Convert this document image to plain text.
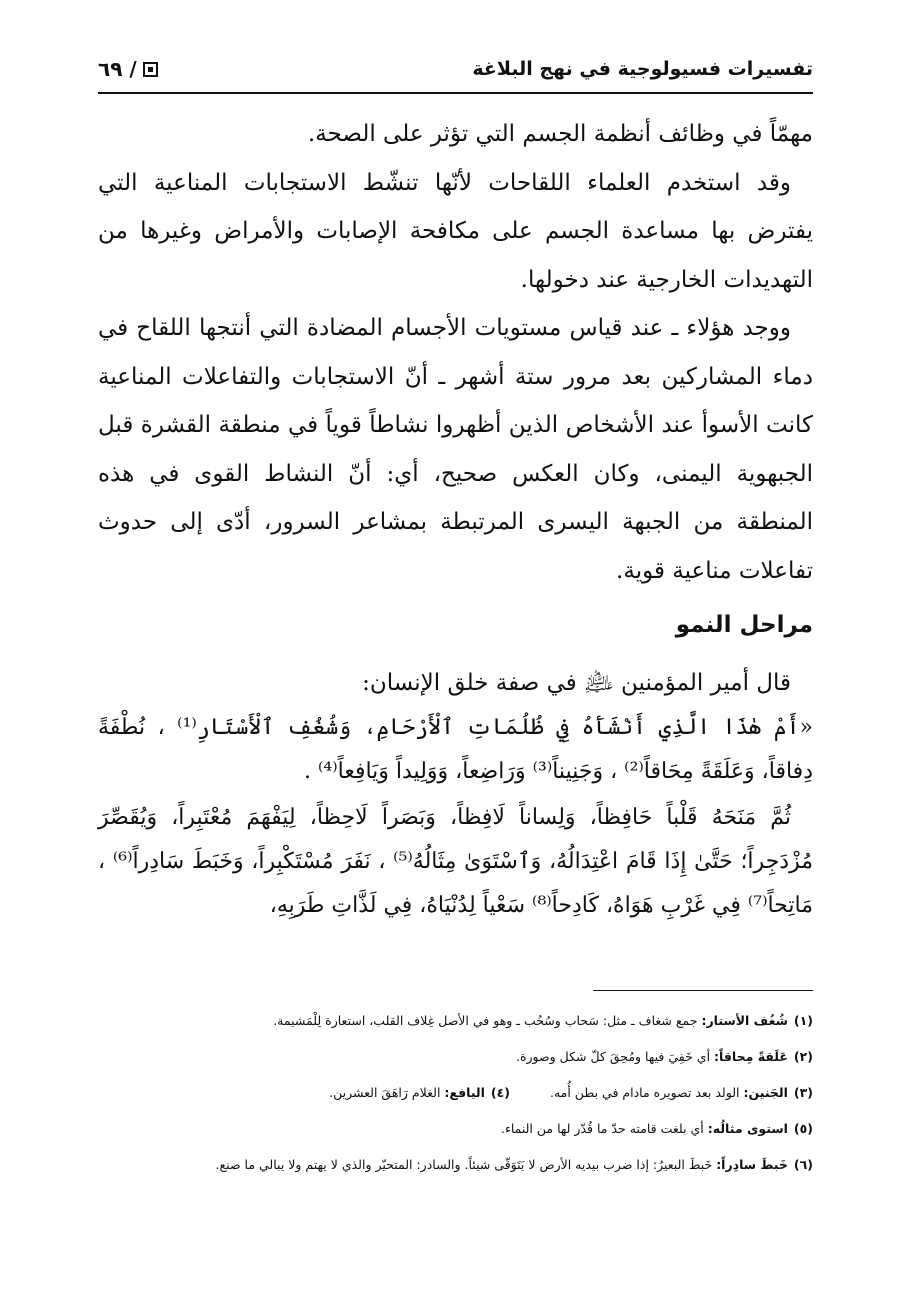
تفسيرات فسيولوجية في نهج البلاغة
٦٩ /

مهمّاً في وظائف أنظمة الجسم التي تؤثر على الصحة.

وقد استخدم العلماء اللقاحات لأنّها تنشّط الاستجابات المناعية التي يفترض بها مساعدة الجسم على مكافحة الإصابات والأمراض وغيرها من التهديدات الخارجية عند دخولها.

ووجد هؤلاء ـ عند قياس مستويات الأجسام المضادة التي أنتجها اللقاح في دماء المشاركين بعد مرور ستة أشهر ـ أنّ الاستجابات والتفاعلات المناعية كانت الأسوأ عند الأشخاص الذين أظهروا نشاطاً قوياً في منطقة القشرة قبل الجبهوية اليمنى، وكان العكس صحيح، أي: أنّ النشاط القوى في هذه المنطقة من الجبهة اليسرى المرتبطة بمشاعر السرور، أدّى إلى حدوث تفاعلات مناعية قوية.

مراحل النمو

قال أمير المؤمنين ﵇ في صفة خلق الإنسان:

«أَمْ هٰذَا الَّذِي أَنْشَأَهُ فِي ظُلُمَاتِ ٱلْأَرْحَامِ، وَشُغُفِ ٱلْأَسْتَارِ⁽¹⁾ ، نُطْفَةً دِفاقاً، وَعَلَقَةً مِحَاقاً⁽²⁾ ، وَجَنِيناً⁽³⁾ وَرَاضِعاً، وَوَلِيداً وَيَافِعاً⁽⁴⁾ .

ثُمَّ مَنَحَهُ قَلْباً حَافِظاً، وَلِساناً لَافِظاً، وَبَصَراً لَاحِظاً، لِيَفْهَمَ مُعْتَبِراً، وَيُقَصِّرَ مُزْدَجِراً؛ حَتَّىٰ إِذَا قَامَ اعْتِدَالُهُ، وَٱسْتَوَىٰ مِثَالُهُ⁽⁵⁾ ، نَفَرَ مُسْتَكْبِراً، وَخَبَطَ سَادِراً⁽⁶⁾ ، مَاتِحاً⁽⁷⁾ فِي غَرْبِ هَوَاهُ، كَادِحاً⁽⁸⁾ سَعْياً لِدُنْيَاهُ، فِي لَذَّاتِ طَرَبِهِ،

(١)
شُغُف الأستار: جمع شغاف ـ مثل: سَحاب وسُحُب ـ وهو في الأصل غِلاف القلب، استعارة لِلْمَشيمة.
(٢)
عَلَقةً مِحاقاً: أي خَفِيَ فيها ومُحِقَ كلّ شكل وصورة.
(٣)
الجَنين: الولد بعد تصويره مادام في بطن أُمه.
(٤)
اليافع: الغلام رَاهَقَ العشرين.
(٥)
استوى مثالُه: أي بلغت قامته حدّ ما قُدّر لها من النماء.
(٦)
خَبطَ سادِراً: خَبطَ البعيرُ: إذا ضرب بيديه الأرض لا يَتَوَقّى شيئاً. والسادر: المتحيّر والذي لا يهتم ولا يبالي ما صنع.
